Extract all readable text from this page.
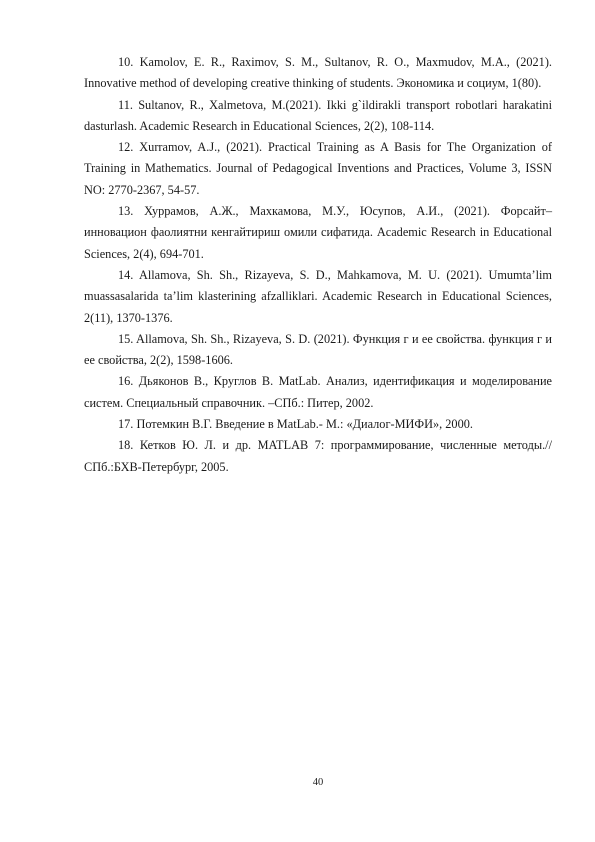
10. Kamolov, E. R., Raximov, S. M., Sultanov, R. O., Maxmudov, M.A., (2021). Innovative method of developing creative thinking of students. Экономика и социум, 1(80).

11. Sultanov, R., Xalmetova, M.(2021). Ikki g`ildirakli transport robotlari harakatini dasturlash. Academic Research in Educational Sciences, 2(2), 108-114.

12. Xurramov, A.J., (2021). Practical Training as A Basis for The Organization of Training in Mathematics. Journal of Pedagogical Inventions and Practices, Volume 3, ISSN NO: 2770-2367, 54-57.

13. Хуррамов, А.Ж., Махкамова, М.У., Юсупов, А.И., (2021). Форсайт–инновацион фаолиятни кенгайтириш омили сифатида. Academic Research in Educational Sciences, 2(4), 694-701.

14. Allamova, Sh. Sh., Rizayeva, S. D., Mahkamova, M. U. (2021). Umumta’lim muassasalarida ta’lim klasterining afzalliklari. Academic Research in Educational Sciences, 2(11), 1370-1376.

15. Allamova, Sh. Sh., Rizayeva, S. D. (2021). Функция г и ее свойства. функция г и ее свойства, 2(2), 1598-1606.

16. Дьяконов В., Круглов В. MatLab. Анализ, идентификация и моделирование систем. Специальный справочник. –СПб.: Питер, 2002.

17. Потемкин В.Г. Введение в MatLab.- М.: «Диалог-МИФИ», 2000.

18. Кетков Ю. Л. и др. MATLAB 7: программирование, численные методы.// СПб.:БХВ-Петербург, 2005.

40
